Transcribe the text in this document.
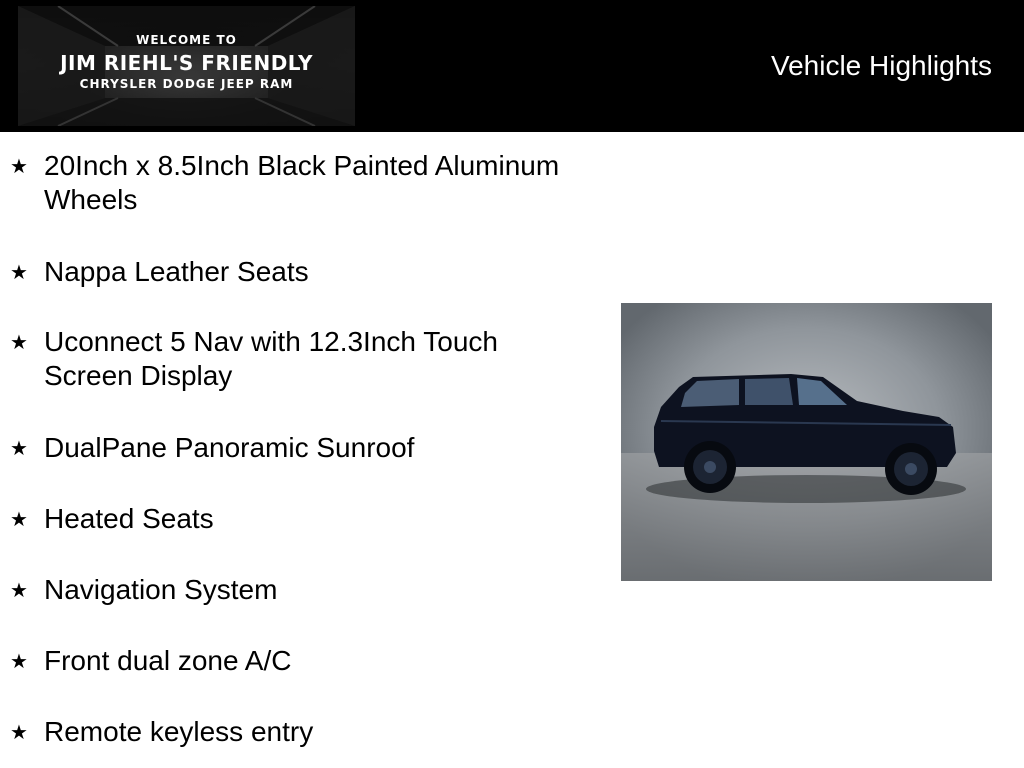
WELCOME TO
JIM RIEHL'S FRIENDLY
CHRYSLER DODGE JEEP RAM
Vehicle Highlights
★ 20Inch x 8.5Inch Black Painted Aluminum Wheels
★ Nappa Leather Seats
★ Uconnect 5 Nav with 12.3Inch Touch Screen Display
★ DualPane Panoramic Sunroof
★ Heated Seats
★ Navigation System
★ Front dual zone A/C
★ Remote keyless entry
